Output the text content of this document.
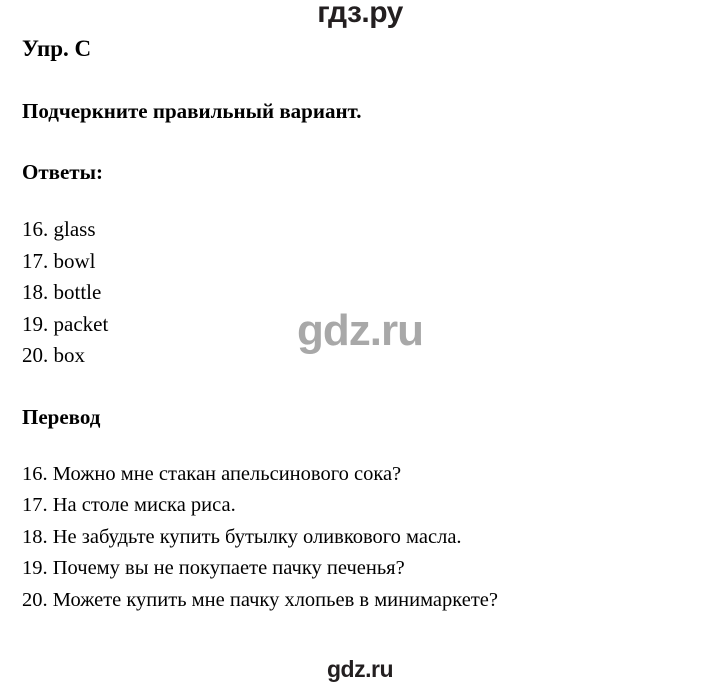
гдз.ру
gdz.ru
Упр. C
Подчеркните правильный вариант.
Ответы:
16. glass
17. bowl
18. bottle
19. packet
20. box
Перевод
16. Можно мне стакан апельсинового сока?
17. На столе миска риса.
18. Не забудьте купить бутылку оливкового масла.
19. Почему вы не покупаете пачку печенья?
20. Можете купить мне пачку хлопьев в минимаркете?
gdz.ru
